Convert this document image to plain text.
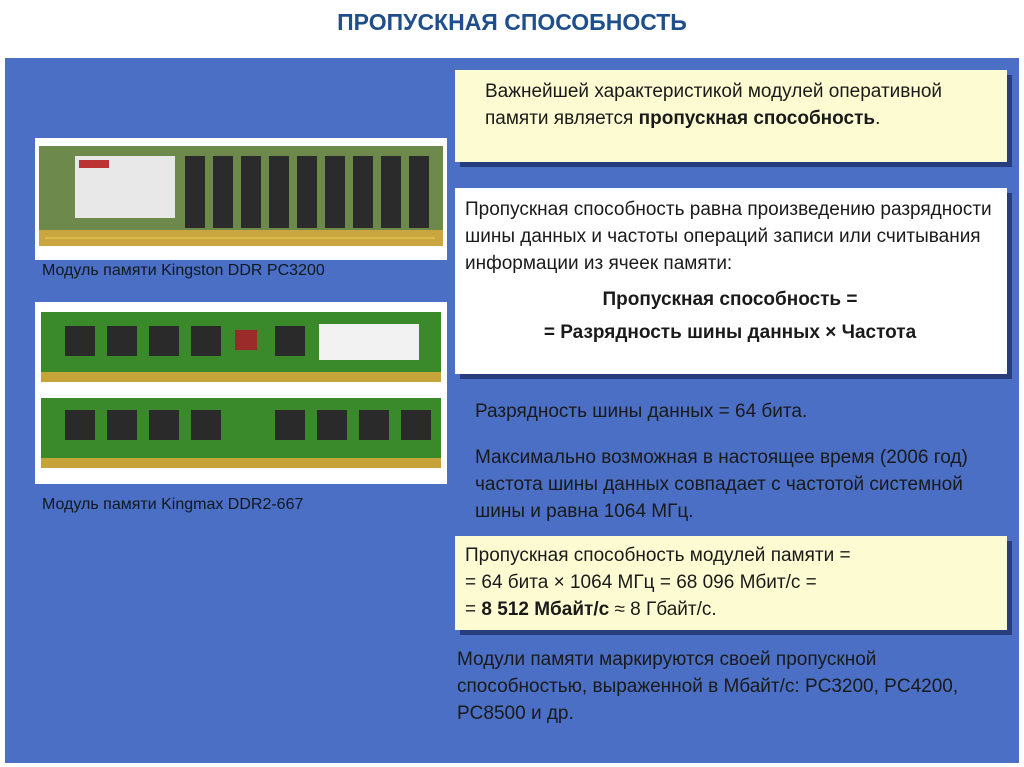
ПРОПУСКНАЯ СПОСОБНОСТЬ
Модуль памяти Kingston DDR PC3200
Модуль памяти Kingmax DDR2-667
Важнейшей характеристикой модулей оперативной памяти является пропускная способность.
Пропускная способность равна произведению разрядности шины данных и частоты операций записи или считывания информации из ячеек памяти:
Пропускная способность =
= Разрядность шины данных × Частота
Разрядность шины данных = 64 бита.
Максимально возможная в настоящее время (2006 год) частота шины данных совпадает с частотой системной шины и равна 1064 МГц.
Пропускная способность модулей памяти =
= 64 бита × 1064 МГц = 68 096 Мбит/с =
= 8 512 Мбайт/с ≈ 8 Гбайт/с.
Модули памяти маркируются своей пропускной способностью, выраженной в Мбайт/с: PC3200, PC4200, PC8500 и др.
